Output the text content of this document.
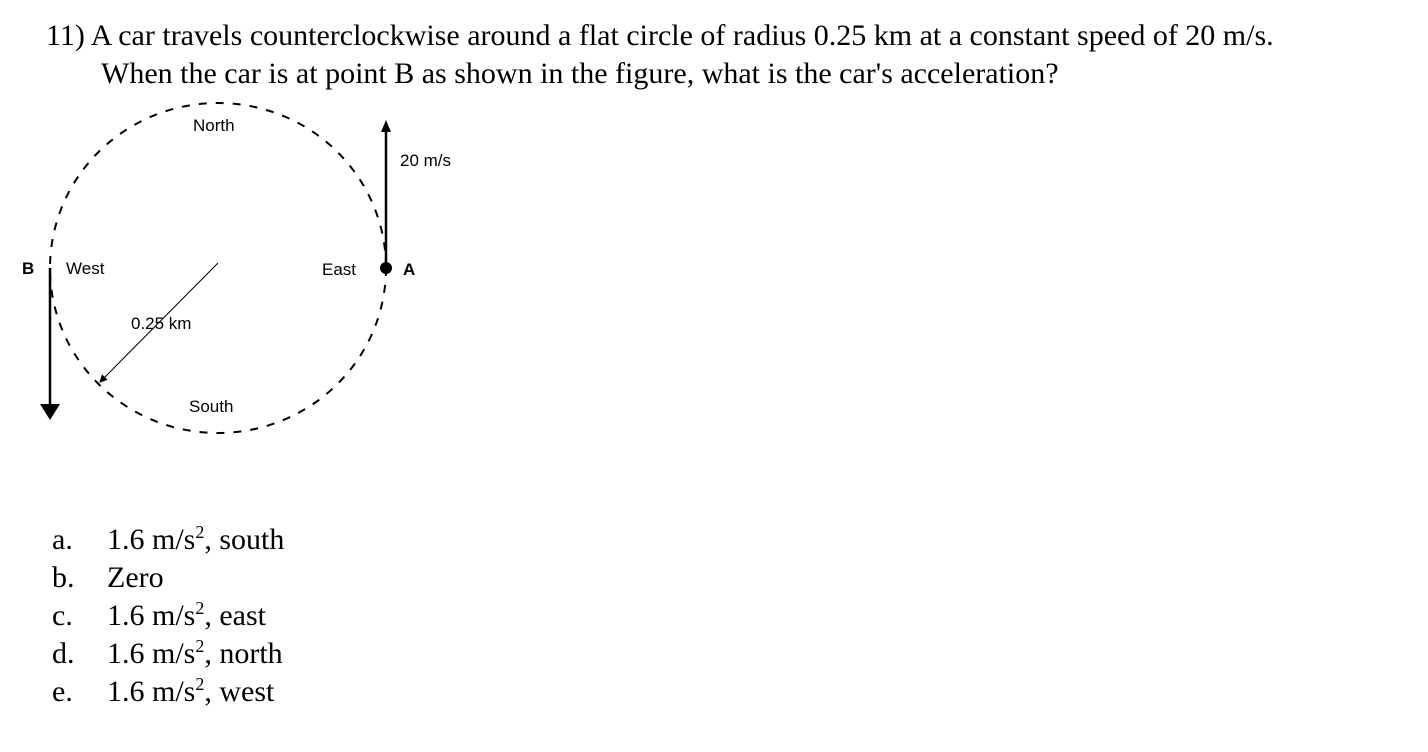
11) A car travels counterclockwise around a flat circle of radius 0.25 km at a constant speed of 20 m/s.
When the car is at point B as shown in the figure, what is the car's acceleration?
North
South
East
West
0.25 km
20 m/s
A
B
a. 1.6 $m/s^2$, south
b. Zero
c. 1.6 $m/s^2$, east
d. 1.6 $m/s^2$, north
e. 1.6 $m/s^2$, west
